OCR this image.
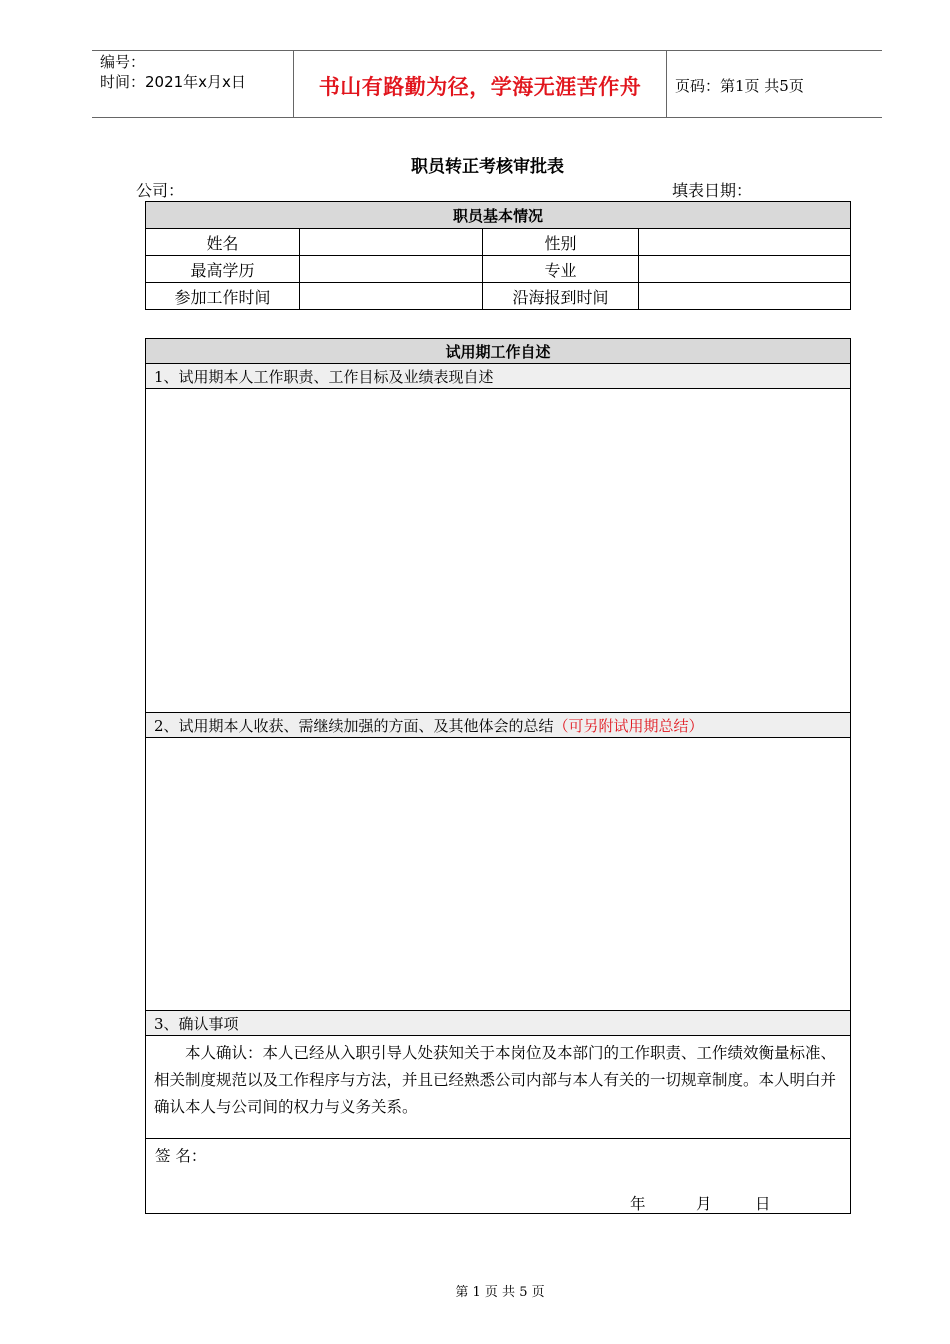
编号：
时间：2021年x月x日	书山有路勤为径，学海无涯苦作舟	页码：第1页 共5页
职员转正考核审批表
公司：	填表日期：
职员基本情况			
姓名		性别	
最高学历		专业	
参加工作时间		沿海报到时间	
试用期工作自述
1、试用期本人工作职责、工作目标及业绩表现自述

2、试用期本人收获、需继续加强的方面、及其他体会的总结（可另附试用期总结）

3、确认事项
本人确认：本人已经从入职引导人处获知关于本岗位及本部门的工作职责、工作绩效衡量标准、相关制度规范以及工作程序与方法，并且已经熟悉公司内部与本人有关的一切规章制度。本人明白并确认本人与公司间的权力与义务关系。

签 名：
年	月	日
第 1 页 共 5 页
